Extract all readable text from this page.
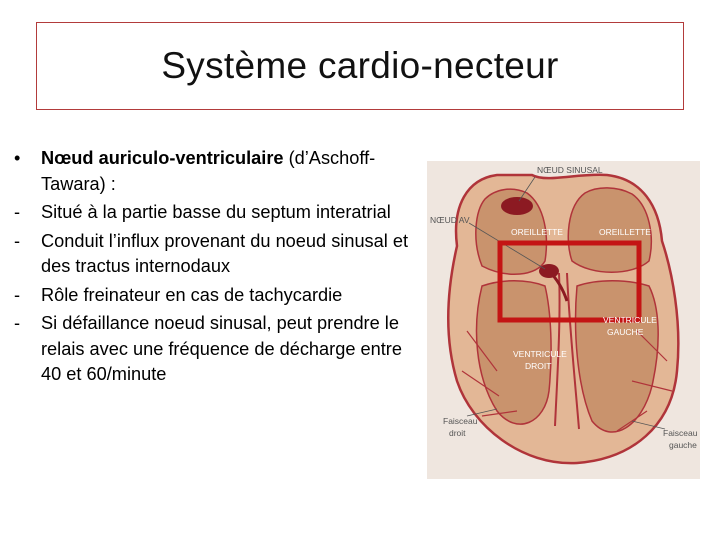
Système cardio-necteur
• Nœud auriculo-ventriculaire (d’Aschoff-Tawara) :
- Situé à la partie basse du septum interatrial
- Conduit l’influx provenant du noeud sinusal et des tractus internodaux
- Rôle freinateur en cas de tachycardie
- Si défaillance noeud sinusal, peut prendre le relais avec une fréquence de décharge entre 40 et 60/minute
NŒUD SINUSAL
NŒUD AV
OREILLETTE	OREILLETTE
VENTRICULE
DROIT
VENTRICULE
GAUCHE
Faisceau
droit	Faisceau
gauche
